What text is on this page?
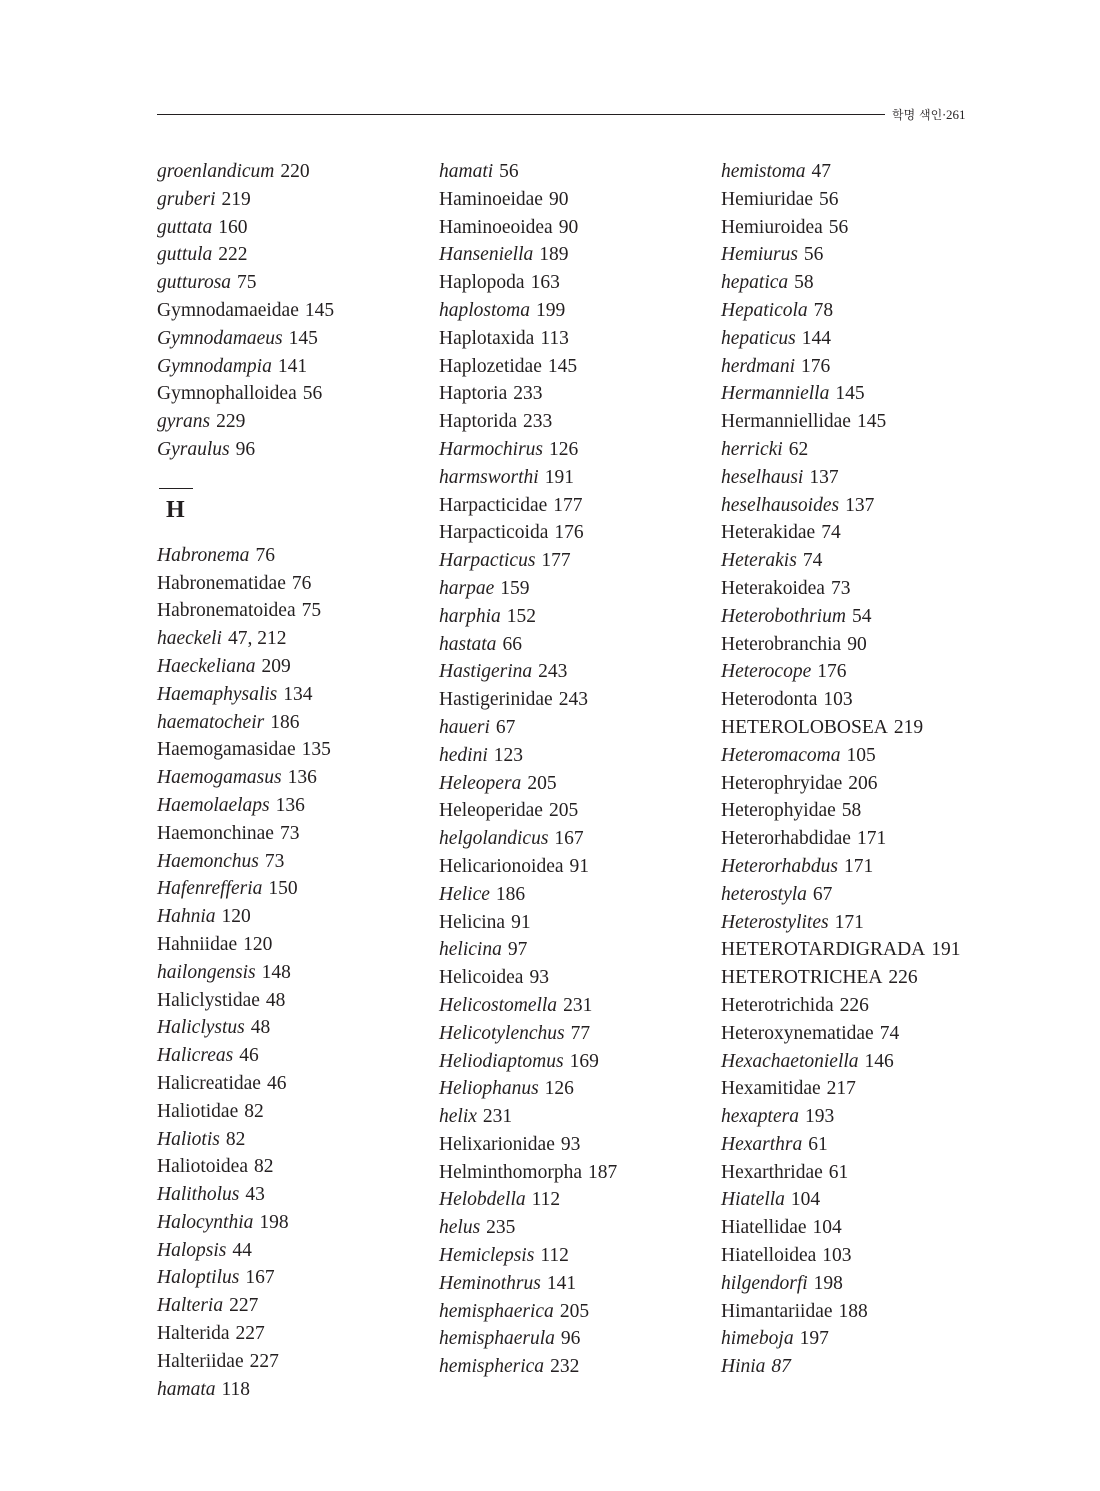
학명 색인·261
groenlandicum 220
gruberi 219
guttata 160
guttula 222
gutturosa 75
Gymnodamaeidae 145
Gymnodamaeus 145
Gymnodampia 141
Gymnophalloidea 56
gyrans 229
Gyraulus 96
H
Habronema 76
Habronematidae 76
Habronematoidea 75
haeckeli 47, 212
Haeckeliana 209
Haemaphysalis 134
haematocheir 186
Haemogamasidae 135
Haemogamasus 136
Haemolaelaps 136
Haemonchinae 73
Haemonchus 73
Hafenrefferia 150
Hahnia 120
Hahniidae 120
hailongensis 148
Haliclystidae 48
Haliclystus 48
Halicreas 46
Halicreatidae 46
Haliotidae 82
Haliotis 82
Haliotoidea 82
Halitholus 43
Halocynthia 198
Halopsis 44
Haloptilus 167
Halteria 227
Halterida 227
Halteriidae 227
hamata 118
hamati 56
Haminoeidae 90
Haminoeoidea 90
Hanseniella 189
Haplopoda 163
haplostoma 199
Haplotaxida 113
Haplozetidae 145
Haptoria 233
Haptorida 233
Harmochirus 126
harmsworthi 191
Harpacticidae 177
Harpacticoida 176
Harpacticus 177
harpae 159
harphia 152
hastata 66
Hastigerina 243
Hastigerinidae 243
haueri 67
hedini 123
Heleopera 205
Heleoperidae 205
helgolandicus 167
Helicarionoidea 91
Helice 186
Helicina 91
helicina 97
Helicoidea 93
Helicostomella 231
Helicotylenchus 77
Heliodiaptomus 169
Heliophanus 126
helix 231
Helixarionidae 93
Helminthomorpha 187
Helobdella 112
helus 235
Hemiclepsis 112
Heminothrus 141
hemisphaerica 205
hemisphaerula 96
hemispherica 232
hemistoma 47
Hemiuridae 56
Hemiuroidea 56
Hemiurus 56
hepatica 58
Hepaticola 78
hepaticus 144
herdmani 176
Hermanniella 145
Hermanniellidae 145
herricki 62
heselhausi 137
heselhausoides 137
Heterakidae 74
Heterakis 74
Heterakoidea 73
Heterobothrium 54
Heterobranchia 90
Heterocope 176
Heterodonta 103
HETEROLOBOSEA 219
Heteromacoma 105
Heterophryidae 206
Heterophyidae 58
Heterorhabdidae 171
Heterorhabdus 171
heterostyla 67
Heterostylites 171
HETEROTARDIGRADA 191
HETEROTRICHEA 226
Heterotrichida 226
Heteroxynematidae 74
Hexachaetoniella 146
Hexamitidae 217
hexaptera 193
Hexarthra 61
Hexarthridae 61
Hiatella 104
Hiatellidae 104
Hiatelloidea 103
hilgendorfi 198
Himantariidae 188
himeboja 197
Hinia 87
